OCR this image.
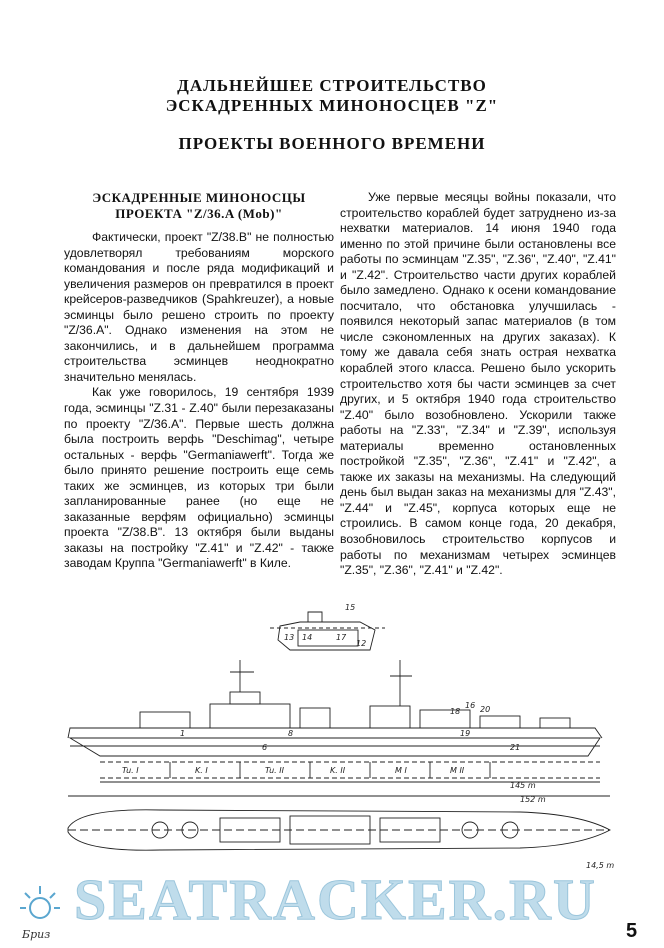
ДАЛЬНЕЙШЕЕ СТРОИТЕЛЬСТВО
ЭСКАДРЕННЫХ МИНОНОСЦЕВ "Z"
ПРОЕКТЫ ВОЕННОГО ВРЕМЕНИ
ЭСКАДРЕННЫЕ МИНОНОСЦЫ
ПРОЕКТА "Z/36.A (Mob)"

Фактически, проект "Z/38.B" не полностью удовлетворял требованиям морского командования и после ряда модификаций и увеличения размеров он превратился в проект крейсеров-разведчиков (Spahkreuzer), а новые эсминцы было решено строить по проекту "Z/36.A". Однако изменения на этом не закончились, и в дальнейшем программа строительства эсминцев неоднократно значительно менялась.

Как уже говорилось, 19 сентября 1939 года, эсминцы "Z.31 - Z.40" были перезаказаны по проекту "Z/36.A". Первые шесть должна была построить верфь "Deschimag", четыре остальных - верфь "Germaniawerft". Тогда же было принято решение построить еще семь таких же эсминцев, из которых три были запланированные ранее (но еще не заказанные верфям официально) эсминцы проекта "Z/38.B". 13 октября были выданы заказы на постройку "Z.41" и "Z.42" - также заводам Круппа "Germaniawerft" в Киле.

Уже первые месяцы войны показали, что строительство кораблей будет затруднено из-за нехватки материалов. 14 июня 1940 года именно по этой причине были остановлены все работы по эсминцам "Z.35", "Z.36", "Z.40", "Z.41" и "Z.42". Строительство части других кораблей было замедлено. Однако к осени командование посчитало, что обстановка улучшилась - появился некоторый запас материалов (в том числе сэкономленных на других заказах). К тому же давала себя знать острая нехватка кораблей этого класса. Решено было ускорить строительство хотя бы части эсминцев за счет других, и 5 октября 1940 года строительство "Z.40" было возобновлено. Ускорили также работы на "Z.33", "Z.34" и "Z.39", используя материалы временно остановленных постройкой "Z.35", "Z.36", "Z.41" и "Z.42", а также их заказы на механизмы. На следующий день был выдан заказ на механизмы для "Z.43", "Z.44" и "Z.45", корпуса которых еще не строились. В самом конце года, 20 декабря, возобновилось строительство корпусов и работы по механизмам четырех эсминцев "Z.35", "Z.36", "Z.41" и "Z.42".

Tu. I	K. I	Tu. II	K. II	M I	M II
145 m
152 m
14,5 m
15
13
12
14	17
18
16 20
19
1	8
21
6
SEATRACKER.RU
Бриз	5
